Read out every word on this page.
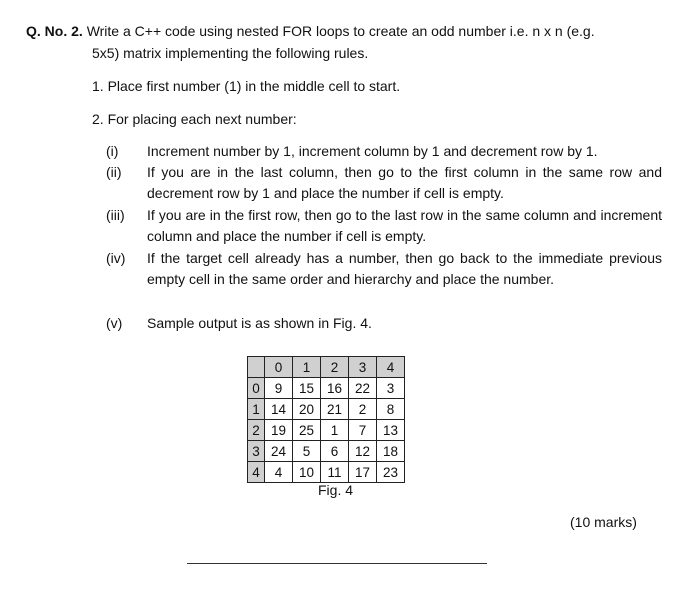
Q. No. 2. Write a C++ code using nested FOR loops to create an odd number i.e. n x n (e.g.
5x5) matrix implementing the following rules.
1. Place first number (1) in the middle cell to start.
2. For placing each next number:
(i) Increment number by 1, increment column by 1 and decrement row by 1.
(ii) If you are in the last column, then go to the first column in the same row and decrement row by 1 and place the number if cell is empty.
(iii) If you are in the first row, then go to the last row in the same column and increment column and place the number if cell is empty.
(iv) If the target cell already has a number, then go back to the immediate previous empty cell in the same order and hierarchy and place the number.
(v) Sample output is as shown in Fig. 4.
	0	1	2	3	4
0	9	15	16	22	3
1	14	20	21	2	8
2	19	25	1	7	13
3	24	5	6	12	18
4	4	10	11	17	23
Fig. 4
(10 marks)
